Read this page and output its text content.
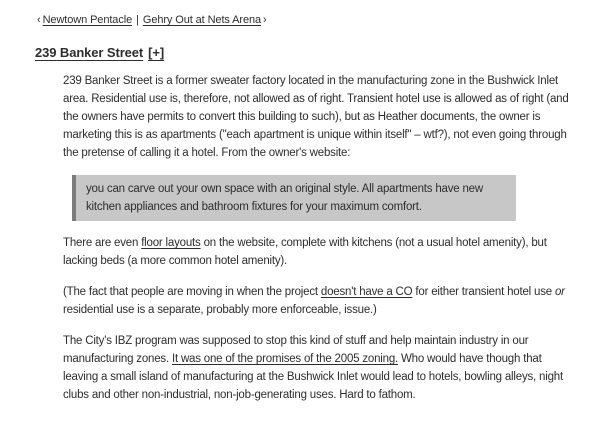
‹ Newtown Pentacle | Gehry Out at Nets Arena ›
239 Banker Street [+]

239 Banker Street is a former sweater factory located in the manufacturing zone in the Bushwick Inlet area. Residential use is, therefore, not allowed as of right. Transient hotel use is allowed as of right (and the owners have permits to convert this building to such), but as Heather documents, the owner is marketing this is as apartments ("each apartment is unique within itself" – wtf?), not even going through the pretense of calling it a hotel. From the owner's website:

you can carve out your own space with an original style. All apartments have new kitchen appliances and bathroom fixtures for your maximum comfort.

There are even floor layouts on the website, complete with kitchens (not a usual hotel amenity), but lacking beds (a more common hotel amenity).

(The fact that people are moving in when the project doesn't have a CO for either transient hotel use or residential use is a separate, probably more enforceable, issue.)

The City's IBZ program was supposed to stop this kind of stuff and help maintain industry in our manufacturing zones. It was one of the promises of the 2005 zoning. Who would have though that leaving a small island of manufacturing at the Bushwick Inlet would lead to hotels, bowling alleys, night clubs and other non-industrial, non-job-generating uses. Hard to fathom.
